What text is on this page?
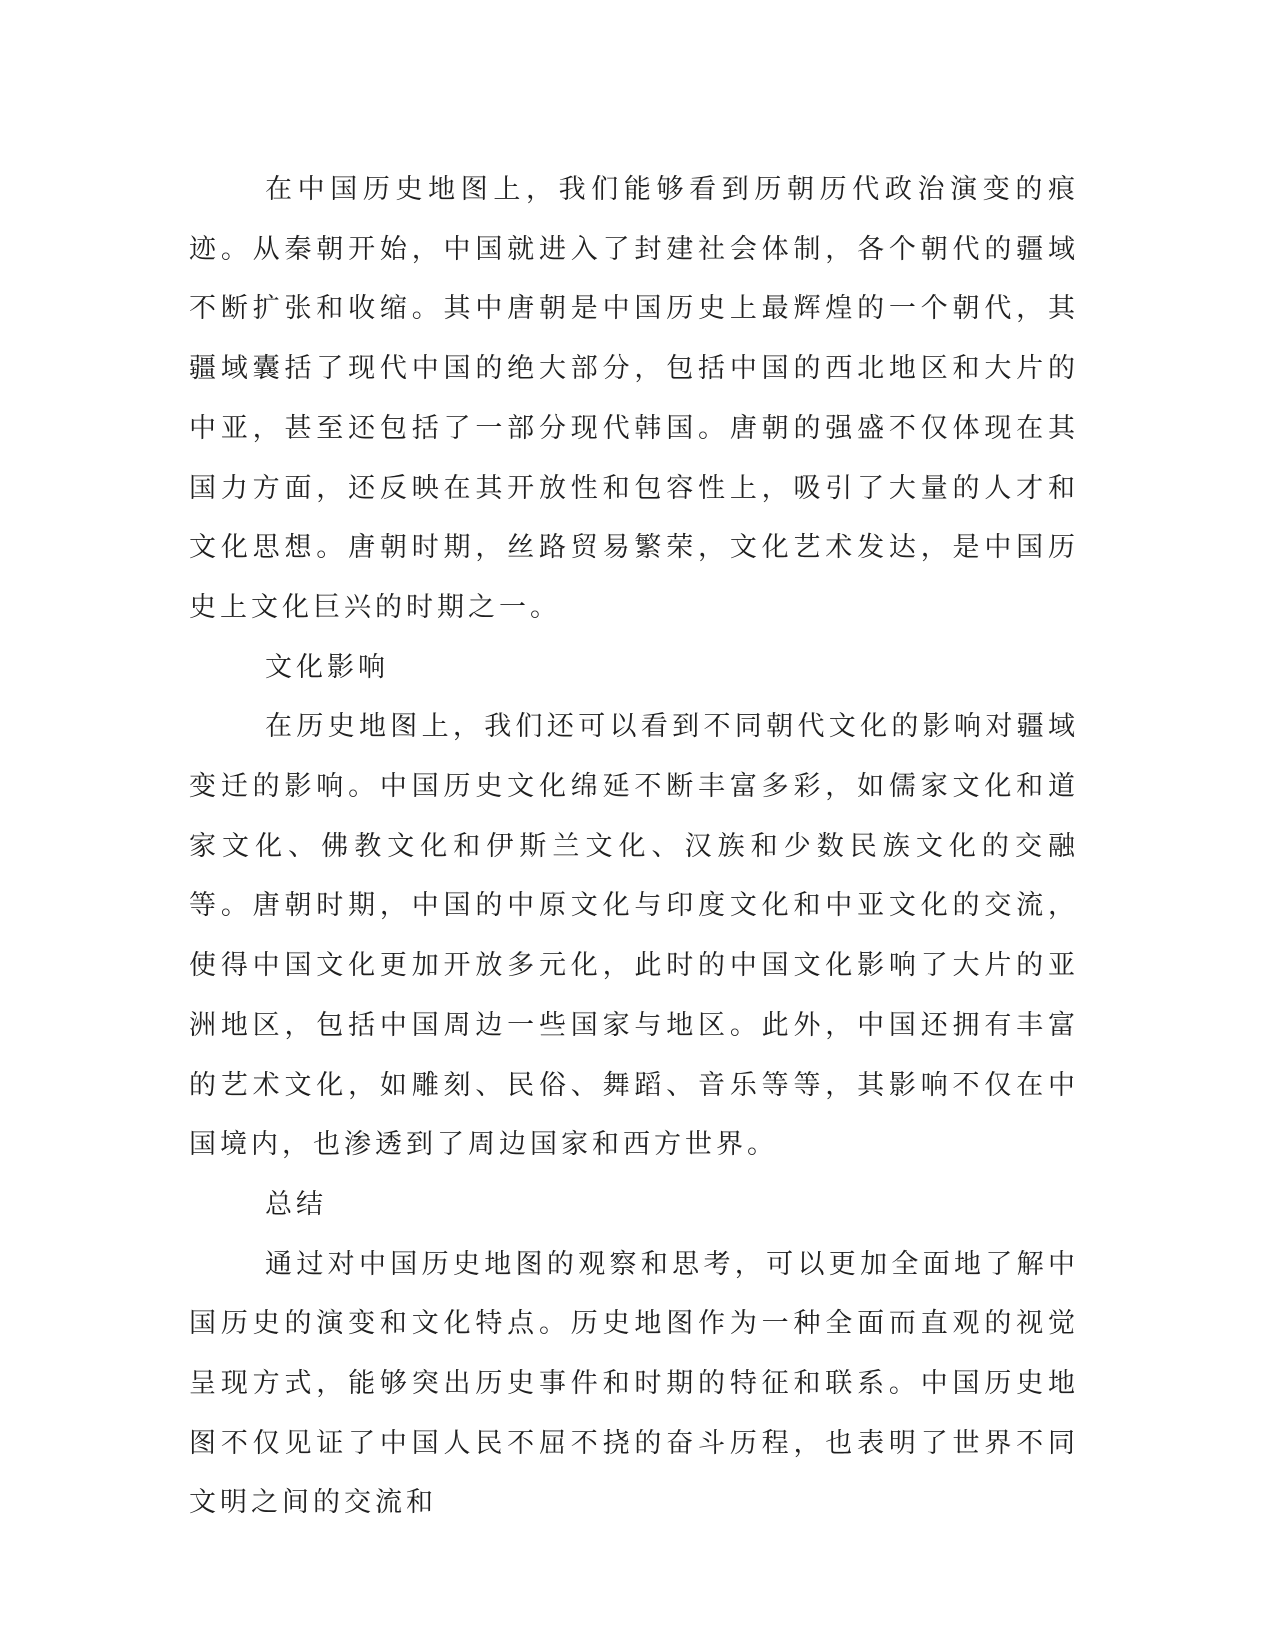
在中国历史地图上，我们能够看到历朝历代政治演变的痕迹。从秦朝开始，中国就进入了封建社会体制，各个朝代的疆域不断扩张和收缩。其中唐朝是中国历史上最辉煌的一个朝代，其疆域囊括了现代中国的绝大部分，包括中国的西北地区和大片的中亚，甚至还包括了一部分现代韩国。唐朝的强盛不仅体现在其国力方面，还反映在其开放性和包容性上，吸引了大量的人才和文化思想。唐朝时期，丝路贸易繁荣，文化艺术发达，是中国历史上文化巨兴的时期之一。

文化影响

在历史地图上，我们还可以看到不同朝代文化的影响对疆域变迁的影响。中国历史文化绵延不断丰富多彩，如儒家文化和道家文化、佛教文化和伊斯兰文化、汉族和少数民族文化的交融等。唐朝时期，中国的中原文化与印度文化和中亚文化的交流，使得中国文化更加开放多元化，此时的中国文化影响了大片的亚洲地区，包括中国周边一些国家与地区。此外，中国还拥有丰富的艺术文化，如雕刻、民俗、舞蹈、音乐等等，其影响不仅在中国境内，也渗透到了周边国家和西方世界。

总结

通过对中国历史地图的观察和思考，可以更加全面地了解中国历史的演变和文化特点。历史地图作为一种全面而直观的视觉呈现方式，能够突出历史事件和时期的特征和联系。中国历史地图不仅见证了中国人民不屈不挠的奋斗历程，也表明了世界不同文明之间的交流和
